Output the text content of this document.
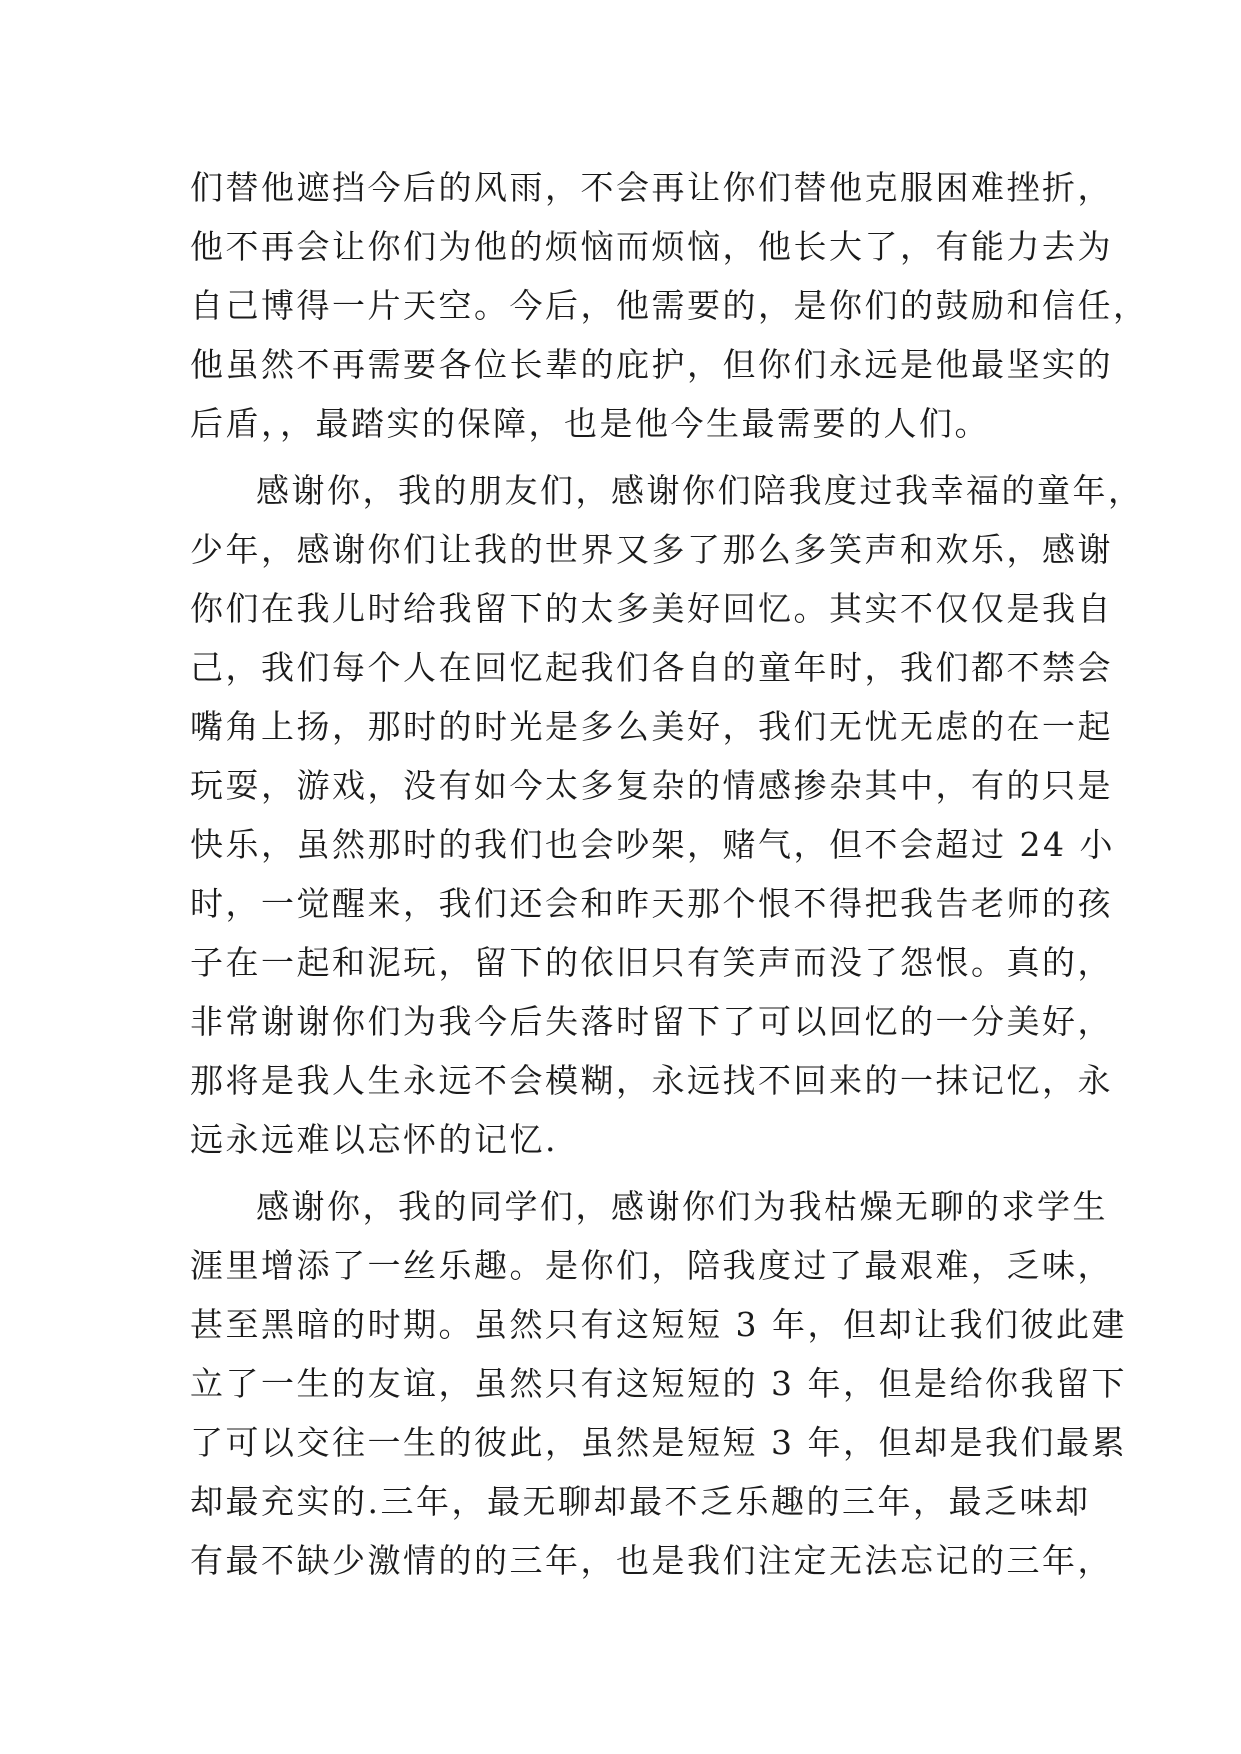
们替他遮挡今后的风雨，不会再让你们替他克服困难挫折，
他不再会让你们为他的烦恼而烦恼，他长大了，有能力去为
自己博得一片天空。今后，他需要的，是你们的鼓励和信任，
他虽然不再需要各位长辈的庇护，但你们永远是他最坚实的
后盾，，最踏实的保障，也是他今生最需要的人们。
感谢你，我的朋友们，感谢你们陪我度过我幸福的童年，
少年，感谢你们让我的世界又多了那么多笑声和欢乐，感谢
你们在我儿时给我留下的太多美好回忆。其实不仅仅是我自
己，我们每个人在回忆起我们各自的童年时，我们都不禁会
嘴角上扬，那时的时光是多么美好，我们无忧无虑的在一起
玩耍，游戏，没有如今太多复杂的情感掺杂其中，有的只是
快乐，虽然那时的我们也会吵架，赌气，但不会超过 24 小
时，一觉醒来，我们还会和昨天那个恨不得把我告老师的孩
子在一起和泥玩，留下的依旧只有笑声而没了怨恨。真的，
非常谢谢你们为我今后失落时留下了可以回忆的一分美好，
那将是我人生永远不会模糊，永远找不回来的一抹记忆，永
远永远难以忘怀的记忆.
感谢你，我的同学们，感谢你们为我枯燥无聊的求学生
涯里增添了一丝乐趣。是你们，陪我度过了最艰难，乏味，
甚至黑暗的时期。虽然只有这短短 3 年，但却让我们彼此建
立了一生的友谊，虽然只有这短短的 3 年，但是给你我留下
了可以交往一生的彼此，虽然是短短 3 年，但却是我们最累
却最充实的.三年，最无聊却最不乏乐趣的三年，最乏味却
有最不缺少激情的的三年，也是我们注定无法忘记的三年，
